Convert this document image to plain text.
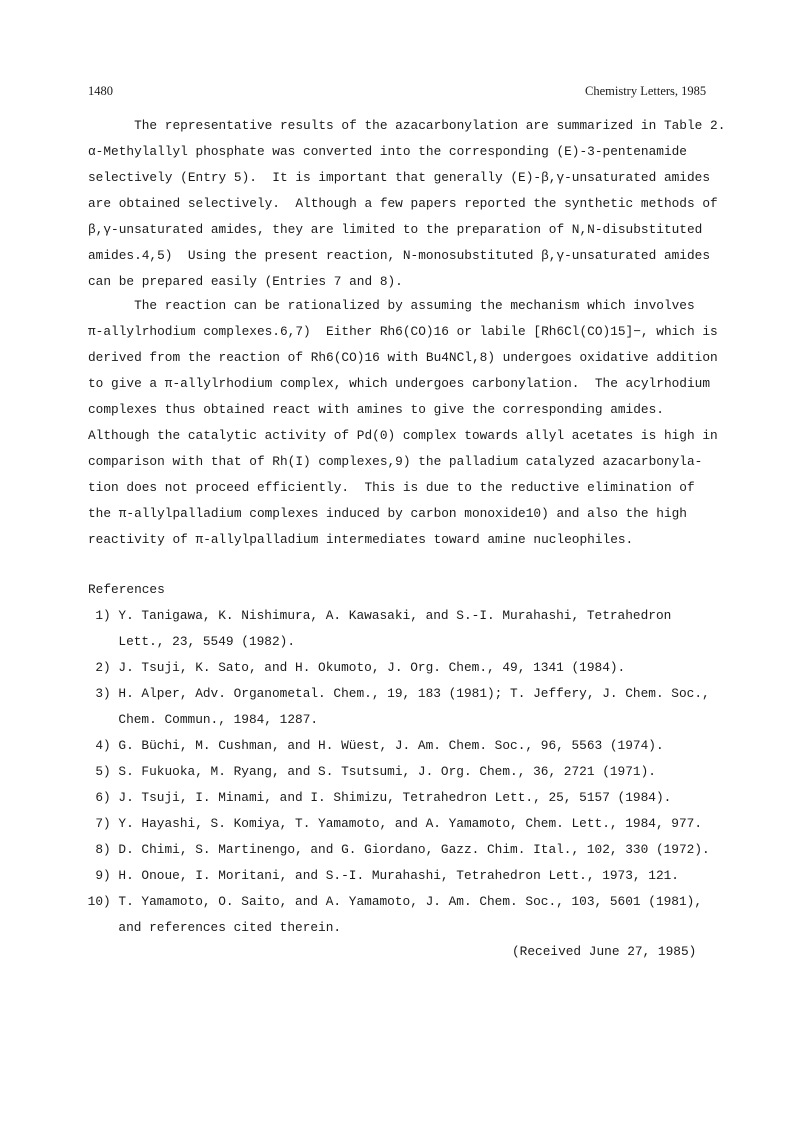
1480	Chemistry Letters, 1985
The representative results of the azacarbonylation are summarized in Table 2.
α-Methylallyl phosphate was converted into the corresponding (E)-3-pentenamide
selectively (Entry 5).  It is important that generally (E)-β,γ-unsaturated amides
are obtained selectively.  Although a few papers reported the synthetic methods of
β,γ-unsaturated amides, they are limited to the preparation of N,N-disubstituted
amides.4,5)  Using the present reaction, N-monosubstituted β,γ-unsaturated amides
can be prepared easily (Entries 7 and 8).
The reaction can be rationalized by assuming the mechanism which involves
π-allylrhodium complexes.6,7)  Either Rh6(CO)16 or labile [Rh6Cl(CO)15]−, which is
derived from the reaction of Rh6(CO)16 with Bu4NCl,8) undergoes oxidative addition
to give a π-allylrhodium complex, which undergoes carbonylation.  The acylrhodium
complexes thus obtained react with amines to give the corresponding amides.
Although the catalytic activity of Pd(0) complex towards allyl acetates is high in
comparison with that of Rh(I) complexes,9) the palladium catalyzed azacarbonyla-
tion does not proceed efficiently.  This is due to the reductive elimination of
the π-allylpalladium complexes induced by carbon monoxide10) and also the high
reactivity of π-allylpalladium intermediates toward amine nucleophiles.
References
1) Y. Tanigawa, K. Nishimura, A. Kawasaki, and S.-I. Murahashi, Tetrahedron
Lett., 23, 5549 (1982).
2) J. Tsuji, K. Sato, and H. Okumoto, J. Org. Chem., 49, 1341 (1984).
3) H. Alper, Adv. Organometal. Chem., 19, 183 (1981); T. Jeffery, J. Chem. Soc.,
Chem. Commun., 1984, 1287.
4) G. Büchi, M. Cushman, and H. Wüest, J. Am. Chem. Soc., 96, 5563 (1974).
5) S. Fukuoka, M. Ryang, and S. Tsutsumi, J. Org. Chem., 36, 2721 (1971).
6) J. Tsuji, I. Minami, and I. Shimizu, Tetrahedron Lett., 25, 5157 (1984).
7) Y. Hayashi, S. Komiya, T. Yamamoto, and A. Yamamoto, Chem. Lett., 1984, 977.
8) D. Chimi, S. Martinengo, and G. Giordano, Gazz. Chim. Ital., 102, 330 (1972).
9) H. Onoue, I. Moritani, and S.-I. Murahashi, Tetrahedron Lett., 1973, 121.
10) T. Yamamoto, O. Saito, and A. Yamamoto, J. Am. Chem. Soc., 103, 5601 (1981),
and references cited therein.
(Received June 27, 1985)
